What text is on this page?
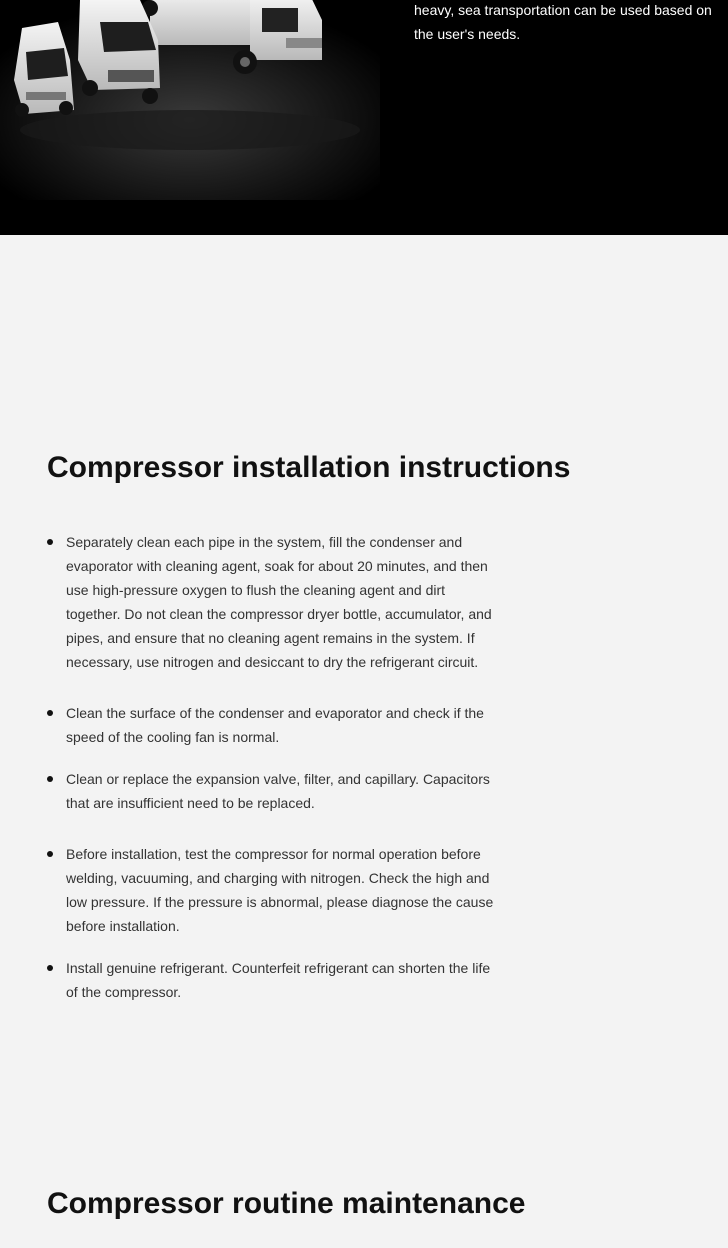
heavy, sea transportation can be used based on the user's needs.

Compressor installation instructions
Separately clean each pipe in the system, fill the condenser and evaporator with cleaning agent, soak for about 20 minutes, and then use high-pressure oxygen to flush the cleaning agent and dirt together. Do not clean the compressor dryer bottle, accumulator, and pipes, and ensure that no cleaning agent remains in the system. If necessary, use nitrogen and desiccant to dry the refrigerant circuit.
Clean the surface of the condenser and evaporator and check if the speed of the cooling fan is normal.
Clean or replace the expansion valve, filter, and capillary. Capacitors that are insufficient need to be replaced.
Before installation, test the compressor for normal operation before welding, vacuuming, and charging with nitrogen. Check the high and low pressure. If the pressure is abnormal, please diagnose the cause before installation.
Install genuine refrigerant. Counterfeit refrigerant can shorten the life of the compressor.
Compressor routine maintenance
